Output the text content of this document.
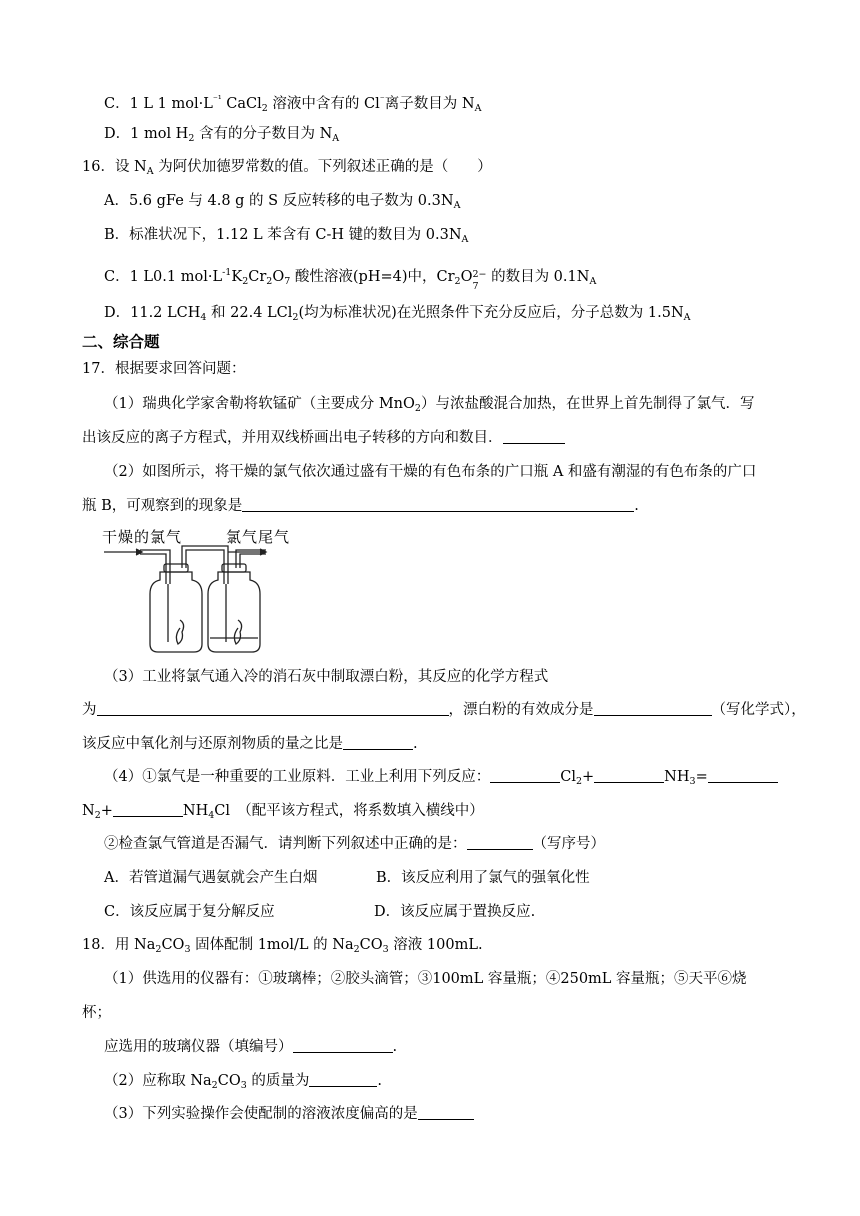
C．1 L 1 $mol\cdot L^{^{-1}}$ CaCl$_2$ 溶液中含有的 Cl⁻离子数目为 $N_A$
D．1 mol $H_2$ 含有的分子数目为 $N_A$
16．设 $N_A$ 为阿伏加德罗常数的值。下列叙述正确的是（　　）
A．5.6 gFe 与 4.8 g 的 S 反应转移的电子数为 $0.3N_A$
B．标准状况下，1.12 L 苯含有 C-H 键的数目为 $0.3N_A$
C．1 L0.1 $mol\cdot L^{-1}K_2Cr_2O_7$ 酸性溶液(pH=4)中，$Cr_2O$ 2−
7
的数目为 $0.1N_A$
D．11.2 $LCH_4$ 和 22.4 LCl$_2$(均为标准状况)在光照条件下充分反应后，分子总数为 $1.5N_A$
二、综合题
17．根据要求回答问题：
（1）瑞典化学家舍勒将软锰矿（主要成分 MnO$_2$）与浓盐酸混合加热，在世界上首先制得了氯气．写
出该反应的离子方程式，并用双线桥画出电子转移的方向和数目．
（2）如图所示，将干燥的氯气依次通过盛有干燥的有色布条的广口瓶 A 和盛有潮湿的有色布条的广口
瓶 B，可观察到的现象是	.
干燥的氯气	氯气尾气
（3）工业将氯气通入冷的消石灰中制取漂白粉，其反应的化学方程式
为	，漂白粉的有效成分是	（写化学式），
该反应中氧化剂与还原剂物质的量之比是	.
（4）①氯气是一种重要的工业原料．工业上利用下列反应：	$Cl_2+$	$NH_3=$
$N_2+$	$NH_4Cl$　（配平该方程式，将系数填入横线中）
②检查氯气管道是否漏气．请判断下列叙述中正确的是：	（写序号）
A．若管道漏气遇氨就会产生白烟	B．该反应利用了氯气的强氧化性
C．该反应属于复分解反应	D．该反应属于置换反应.
18．用 $Na_2CO_3$ 固体配制 1mol/L 的 $Na_2CO_3$ 溶液 100mL.
（1）供选用的仪器有：①玻璃棒；②胶头滴管；③100mL 容量瓶；④250mL 容量瓶；⑤天平⑥烧
杯；
应选用的玻璃仪器（填编号）	.
（2）应称取 $Na_2CO_3$ 的质量为	.
（3）下列实验操作会使配制的溶液浓度偏高的是
